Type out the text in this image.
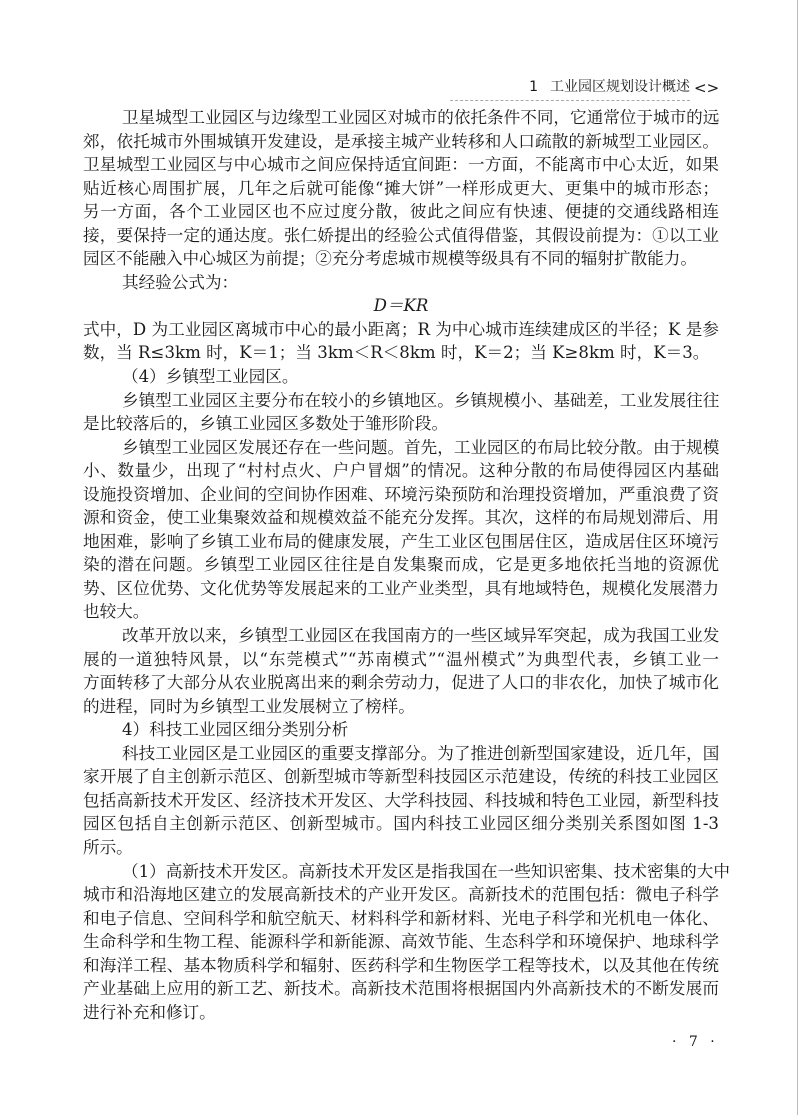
1 工业园区规划设计概述 <>
卫星城型工业园区与边缘型工业园区对城市的依托条件不同，它通常位于城市的远
郊，依托城市外围城镇开发建设，是承接主城产业转移和人口疏散的新城型工业园区。
卫星城型工业园区与中心城市之间应保持适宜间距：一方面，不能离市中心太近，如果
贴近核心周围扩展，几年之后就可能像“摊大饼”一样形成更大、更集中的城市形态；
另一方面，各个工业园区也不应过度分散，彼此之间应有快速、便捷的交通线路相连
接，要保持一定的通达度。张仁娇提出的经验公式值得借鉴，其假设前提为：①以工业
园区不能融入中心城区为前提；②充分考虑城市规模等级具有不同的辐射扩散能力。
其经验公式为：
D＝KR
式中，D 为工业园区离城市中心的最小距离；R 为中心城市连续建成区的半径；K 是参
数，当 R≤3km 时，K＝1；当 3km＜R＜8km 时，K＝2；当 K≥8km 时，K＝3。
（4）乡镇型工业园区。
乡镇型工业园区主要分布在较小的乡镇地区。乡镇规模小、基础差，工业发展往往
是比较落后的，乡镇工业园区多数处于雏形阶段。
乡镇型工业园区发展还存在一些问题。首先，工业园区的布局比较分散。由于规模
小、数量少，出现了“村村点火、户户冒烟”的情况。这种分散的布局使得园区内基础
设施投资增加、企业间的空间协作困难、环境污染预防和治理投资增加，严重浪费了资
源和资金，使工业集聚效益和规模效益不能充分发挥。其次，这样的布局规划滞后、用
地困难，影响了乡镇工业布局的健康发展，产生工业区包围居住区，造成居住区环境污
染的潜在问题。乡镇型工业园区往往是自发集聚而成，它是更多地依托当地的资源优
势、区位优势、文化优势等发展起来的工业产业类型，具有地域特色，规模化发展潜力
也较大。
改革开放以来，乡镇型工业园区在我国南方的一些区域异军突起，成为我国工业发
展的一道独特风景，以“东莞模式”“苏南模式”“温州模式”为典型代表，乡镇工业一
方面转移了大部分从农业脱离出来的剩余劳动力，促进了人口的非农化，加快了城市化
的进程，同时为乡镇型工业发展树立了榜样。
4）科技工业园区细分类别分析
科技工业园区是工业园区的重要支撑部分。为了推进创新型国家建设，近几年，国
家开展了自主创新示范区、创新型城市等新型科技园区示范建设，传统的科技工业园区
包括高新技术开发区、经济技术开发区、大学科技园、科技城和特色工业园，新型科技
园区包括自主创新示范区、创新型城市。国内科技工业园区细分类别关系图如图 1-3
所示。
（1）高新技术开发区。高新技术开发区是指我国在一些知识密集、技术密集的大中
城市和沿海地区建立的发展高新技术的产业开发区。高新技术的范围包括：微电子科学
和电子信息、空间科学和航空航天、材料科学和新材料、光电子科学和光机电一体化、
生命科学和生物工程、能源科学和新能源、高效节能、生态科学和环境保护、地球科学
和海洋工程、基本物质科学和辐射、医药科学和生物医学工程等技术，以及其他在传统
产业基础上应用的新工艺、新技术。高新技术范围将根据国内外高新技术的不断发展而
进行补充和修订。
· 7 ·
